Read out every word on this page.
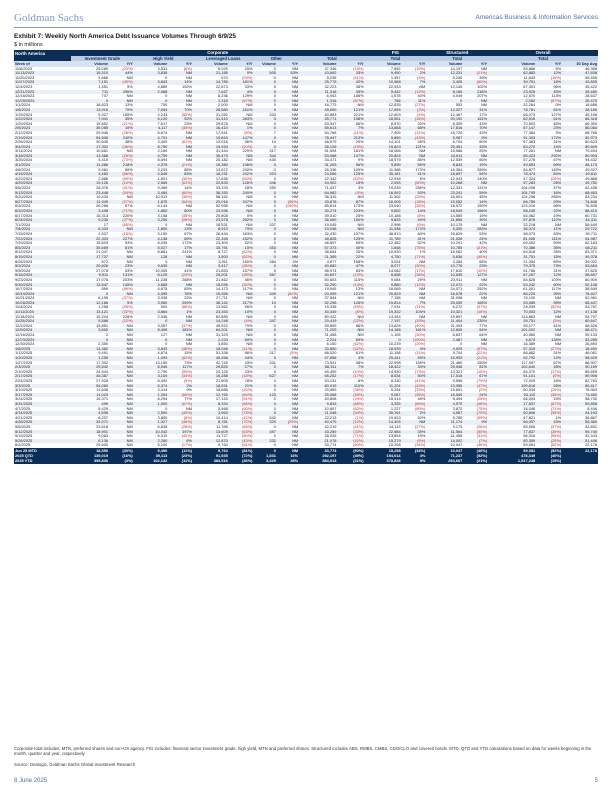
Goldman Sachs	Americas Business & Information Services
Exhibit 7: Weekly North America Debt Issuance Volumes Through 6/9/25
$ in millions
North America	Corporate										FIG		Structured		Overall		
	Investment Grade		High Yield		Leveraged Loans		Other		Total		Total		Total		Total		
Week of	Volume	Y/Y	Volume	Y/Y	Volume	Y/Y	Volume	Y/Y	Volume	Y/Y	Volume	Y/Y	Volume	Y/Y	Volume	Y/Y	30 Day Avg
11/6/2023	25,089	(23%)	3,531	(6%)	6,029	25%	0	NM	37,346	(15%)	7,892	(15%)	14,197	NM	59,866	5%	46,398
11/13/2023	19,310	44%	3,838	NM	21,185	9%	500	53%	43,692	33%	9,490	2%	12,231	(21%)	62,883	12%	47,638
11/20/2023	4,666	NM	0	NM	570	(93%)	0	NM	5,236	(41%)	1,457	(4%)	5,240	39%	11,843	(16%)	45,455
11/27/2023	7,151	(45%)	3,843	14%	14,785	181%	0	NM	25,779	42%	10,968	7%	3,405	(60%)	39,751	18%	43,835
12/4/2023	1,451	5%	4,889	152%	22,873	33%	0	NM	32,223	38%	22,933	NM	12,145	102%	67,301	96%	45,422
12/11/2023	711	296%	2,988	NM	7,647	4%	0	NM	11,318	45%	5,442	(12%)	8,165	218%	23,925	45%	35,480
12/18/2023	707	NM	0	NM	6,236	129%	0	NM	6,943	156%	1,578	40%	4,049	207%	12,570	113%	28,637
12/25/2023	0	NM	0	NM	1,316	(67%)	0	NM	1,316	(67%)	766	11%	0	NM	2,082	(57%)	26,470
1/1/2024	18,823	13%	750	NM	2,000	NM	0	NM	16,773	NM	12,835	(27%)	553	NM	32,264	0%	16,686
1/8/2024	13,916	79%	7,094	70%	28,580	161%	0	NM	49,690	121%	17,894	(2%)	12,327	31%	78,781	61%	28,189
1/15/2024	5,327	165%	4,243	(55%)	31,250	NM	333	NM	40,883	221%	12,603	(4%)	12,467	17%	66,073	127%	45,168
1/22/2024	7,941	35%	6,120	92%	31,410	283%	0	NM	45,771	198%	18,551	(34%)	20,192	151%	82,516	61%	66,318
1/29/2024	15,852	(21%)	7,617	23%	29,878	NM	0	NM	53,347	56%	8,870	20%	8,309	43%	70,503	45%	66,350
2/5/2024	35,085	19%	4,117	(35%)	16,410	1%	0	NM	55,613	7%	13,868	68%	17,816	70%	87,147	23%	66,084
2/12/2024	29,946	(28%)	6,874	NM	17,941	(8%)	7	NM	54,768	(11%)	7,909	(31%)	15,720	43%	77,384	3%	68,766
2/19/2024	54,506	240%	4,701	NM	19,843	147%	0	NM	78,447	213%	5,869	(43%)	5,987	5%	91,303	172%	82,973
2/26/2024	30,645	38%	3,409	(61%)	12,016	96%	10	NM	46,579	29%	14,101	28%	6,704	60%	67,383	31%	80,623
3/4/2024	17,302	(36%)	8,790	NM	19,934	(10%)	0	NM	38,126	(15%)	19,823	121%	25,451	33%	83,270	14%	80,609
3/11/2024	10,661	NM	2,169	NM	31,444	229%	317	NM	51,594	181%	18,066	NM	15,066	25%	77,261	NM	79,494
3/18/2024	13,368	(28%)	4,759	NM	35,479	NM	344	NM	53,988	137%	20,824	NM	10,611	NM	85,423	292%	80,905
3/25/2024	3,415	(73%)	8,494	NM	25,182	NM	430	NM	34,471	9%	18,579	85%	12,539	66%	57,278	67%	94,432
4/1/2024	11,486	218%	4,376	(21%)	19,380	136%	0	NM	31,263	96%	9,899	55%	8,843	19%	49,893	69%	48,173
4/8/2024	9,461	56%	3,203	85%	13,672	240%	0	NM	26,336	109%	11,988	173%	16,364	289%	54,877	145%	49,927
4/15/2024	3,483	(66%)	4,548	83%	18,241	242%	324	NM	24,066	125%	35,181	41%	18,697	54%	78,474	84%	49,811
4/22/2024	2,886	(59%)	1,801	(30%)	17,636	(63%)	0	NM	22,342	(52%)	12,938	6%	12,043	140%	47,324	(29%)	49,868
4/29/2024	19,126	(10%)	2,565	(61%)	22,833	126%	346	NM	44,902	15%	2,093	(50%)	10,268	NM	57,263	26%	49,752
5/6/2024	28,376	(31%)	9,489	14%	33,193	28%	350	NM	71,437	3%	19,239	256%	12,331	131%	104,006	47%	62,436
5/13/2024	23,448	(54%)	3,484	(60%)	36,330	240%	0	NM	64,962	(4%)	16,592	53%	23,241	59%	104,795	16%	68,463
5/20/2024	10,433	NM	10,913	(35%)	58,152	NM	0	NM	36,315	NM	11,502	(25%)	16,501	45%	124,258	285%	83,234
5/27/2024	11,949	(27%)	1,875	(64%)	20,016	247%	0	(96%)	33,878	87%	16,005	(18%)	15,052	14%	66,785	29%	74,846
6/3/2024	26,266	57%	6,144	NM	52,996	NM	0	(100%)	85,814	173%	23,040	(26%)	18,572	159%	123,316	68%	76,838
6/10/2024	3,498	(71%)	1,850	60%	24,936	NM	0	NM	30,274	223%	9,802	14%	18,549	156%	58,245	22%	88,410
6/17/2024	15,313	220%	3,158	(35%)	20,808	0%	0	NM	39,310	25%	10,188	(8%)	14,565	19%	64,062	19%	60,731
6/24/2024	9,235	(37%)	3,255	(26%)	23,578	252%	0	NM	36,069	150%	9,833	49%	11,896	39%	57,878	112%	44,311
7/1/2024	17	(65%)	0	NM	18,531	NM	337	NM	19,045	NM	2,998	(6%)	10,175	NM	32,218	NM	58,640
7/8/2024	6,333	NM	1,800	13%	8,913	79%	0	NM	19,046	NM	11,938	173%	5,300	283%	36,374	11%	29,722
7/15/2024	2,537	(15%)	3,150	67%	26,434	163%	0	NM	32,430	107%	48,813	84%	16,829	53%	98,073	83%	39,711
7/22/2024	22,343	227%	4,138	69%	22,348	152%	0	NM	48,828	125%	11,789	41%	21,028	24%	81,006	111%	54,987
7/29/2024	15,503	53%	8,035	172%	23,309	52%	0	NM	46,897	65%	12,482	52%	10,291	42%	69,452	59%	62,183
8/5/2024	35,669	81%	5,027	17%	15,791	15%	353	NM	57,373	40%	1,848	(75%)	10,789	(21%)	70,386	35%	68,211
8/12/2024	21,047	NM	8,881	241%	8,727	(62%)	0	NM	38,654	25%	10,930	1%	15,062	40%	64,618	25%	63,371
8/19/2024	17,737	NM	128	NM	3,500	(62%)	0	NM	21,365	22%	4,750	(71%)	5,636	(49%)	31,751	15%	49,378
8/26/2024	672	NM	0	NM	3,911	150%	384	4%	4,977	158%	3,024	NM	3,284	68%	21,394	89%	39,002
9/2/2024	29,826	23%	9,639	NM	3,417	(35%)	0	NM	40,882	47%	8,077	(30%)	10,776	23%	79,375	73%	53,664
9/9/2024	27,078	63%	10,005	41%	21,853	157%	0	NM	58,974	83%	14,082	(17%)	17,810	(10%)	91,766	31%	47,825
9/16/2024	9,911	131%	8,125	(23%)	25,201	(38%)	367	NM	40,697	(13%)	8,858	(38%)	10,635	127%	67,207	12%	58,657
9/23/2024	17,078	203%	11,238	268%	21,462	46%	0	NM	50,653	115%	9,084	29%	23,911	NM	84,628	103%	80,909
9/30/2024	13,547	145%	3,685	NM	15,095	(32%)	0	NM	32,290	(13%)	9,880	(12%)	12,072	22%	53,242	60%	52,108
10/7/2024	899	(89%)	4,875	83%	14,173	117%	0	NM	19,945	13%	16,085	NM	24,071	292%	61,001	117%	58,549
10/14/2024	0	NM	4,355	76%	15,355	NM	349	(92%)	20,059	121%	20,829	NM	16,578	22%	66,220	25%	76,407
10/21/2024	6,195	(37%)	3,938	22%	27,711	NM	0	NM	37,844	NM	7,158	NM	31,098	NM	76,100	NM	62,981
10/28/2024	12,166	5%	3,960	259%	36,142	217%	10	NM	52,298	126%	19,814	7%	25,059	165%	93,085	95%	66,447
11/4/2024	1,258	(95%)	500	(86%)	13,562	96%	0	NM	15,336	(59%)	7,031	(11%)	6,272	(57%)	28,539	(52%)	53,787
11/11/2024	13,121	(32%)	3,864	1%	23,354	10%	0	NM	40,349	(8%)	19,332	104%	10,321	(16%)	70,053	12%	47,136
11/18/2024	15,204	226%	2,336	NM	62,885	NM	0	NM	80,422	NM	14,444	NM	19,897	NM	114,863	NM	54,797
11/25/2024	5,586	(22%)	0	NM	14,248	(4%)	347	NM	20,419	(22%)	7,197	(33%)	11,404	235%	39,751	(3%)	60,647
12/2/2024	15,851	NM	3,087	(37%)	40,922	79%	0	NM	59,859	86%	13,826	(40%)	21,493	77%	95,177	41%	68,526
12/9/2024	3,600	NM	8,408	181%	64,201	NM	0	NM	71,209	NM	14,188	161%	12,605	54%	101,002	NM	68,471
12/16/2024	2	NM	127	NM	31,329	NM	0	NM	31,458	NM	1,105	(30%)	6,637	64%	40,560	NM	59,133
12/23/2024	0	NM	0	NM	2,224	69%	0	NM	2,224	69%	0	(100%)	2,487	NM	4,874	134%	53,265
12/30/2024	2,350	NM	0	NM	3,850	NM	0	NM	6,150	(62%)	10,239	(20%)	0	NM	16,389	NM	26,893
1/6/2025	13,382	NM	3,843	(46%)	18,046	(11%)	0	NM	33,850	(32%)	18,539	4%	4,925	(57%)	57,315	(27%)	16,491
1/13/2025	9,491	NM	4,874	15%	51,338	86%	317	(5%)	66,020	61%	11,158	(11%)	9,704	(22%)	86,882	31%	46,081
1/20/2025	1,255	NM	1,093	(82%)	45,268	44%	0	NM	47,656	4%	29,441	59%	15,993	(21%)	92,792	12%	58,920
1/27/2025	17,302	NM	13,155	73%	42,745	43%	331	NM	73,531	38%	22,998	159%	21,480	159%	117,997	67%	88,907
2/3/2025	29,542	NM	8,945	117%	29,825	27%	0	NM	68,311	7%	18,422	33%	25,936	51%	102,640	18%	90,159
2/10/2025	24,544	NM	2,790	(59%)	22,125	23%	0	NM	49,459	(10%)	14,930	(73%)	13,321	(15%)	84,370	(17%)	85,659
2/17/2025	45,387	NM	3,100	(34%)	16,288	(18%)	627	NM	65,252	(17%)	8,534	50%	17,515	67%	91,101	(0%)	89,906
2/24/2025	27,928	NM	8,492	(9%)	21,605	78%	0	NM	53,131	8%	8,330	(41%)	9,556	(79%)	72,929	18%	82,783
3/3/2025	54,060	NM	6,374	2%	18,531	21%	0	NM	80,019	110%	11,224	(43%)	13,355	(47%)	109,618	26%	89,417
3/10/2025	11,638	NM	3,414	9%	18,686	(40%)	0	NM	29,989	(38%)	5,254	(33%)	15,691	(2%)	50,934	(29%)	78,963
3/17/2025	11,024	NM	1,053	(66%)	12,769	(64%)	123	NM	25,068	(55%)	9,087	(55%)	16,545	24%	53,110	(38%)	73,460
3/24/2025	15,371	NM	8,294	77%	17,143	(51%)	0	NM	40,808	(24%)	15,414	45%	8,494	(25%)	66,003	15%	58,730
3/31/2025	499	NM	1,000	(67%)	8,334	(66%)	0	NM	9,833	(68%)	3,325	(66%)	4,979	(48%)	17,637	(67%)	59,858
4/7/2025	5,429	NM	0	NM	5,468	(60%)	0	NM	10,897	(62%)	1,227	(89%)	3,872	(75%)	16,046	(71%)	8,446
4/14/2025	4,596	NM	2,500	(45%)	3,963	(78%)	0	NM	11,048	(54%)	35,761	2%	4,587	(75%)	50,896	(35%)	44,193
4/21/2025	8,207	NM	3,850	(8%)	10,414	(42%)	542	NM	22,213	(1%)	19,623	52%	5,785	(59%)	47,821	1%	36,867
4/28/2025	32,071	NM	1,327	(48%)	8,761	(70%)	329	(29%)	40,479	(10%)	14,404	NM	11,174	9%	66,057	15%	56,380
5/5/2025	23,618	NM	6,835	(28%)	11,765	(65%)	0	NM	42,219	(41%)	14,113	(27%)	9,175	(26%)	65,506	(37%)	32,831
5/12/2025	18,901	NM	10,342	197%	13,609	(63%)	397	NM	43,289	(33%)	22,984	39%	11,564	(50%)	77,837	(26%)	59,740
5/19/2025	9,063	NM	6,310	(42%)	11,727	(80%)	0	NM	28,026	(71%)	13,894	19%	11,458	(31%)	56,316	(55%)	32,443
5/26/2025	6,136	NM	2,280	6%	12,870	(43%)	332	NM	21,078	(42%)	15,279	(5%)	14,002	(7%)	50,359	(25%)	51,446
6/2/2025	25,600	NM	5,100	(17%)	9,764	(81%)	0	NM	33,774	(60%)	15,258	(34%)	10,047	(46%)	59,081	(52%)	22,178
Jun 25 MTD	18,550	(30%)	5,496	(11%)	9,764	(81%)	0	NM	33,774	(60%)	15,258	(34%)	10,047	(46%)	59,081	(52%)	22,178
2025 QTD	139,019	(16%)	39,113	(23%)	91,535	(72%)	1,531	16%	292,197	(49%)	154,014	4%	71,237	(52%)	478,349	(40%)	
2025 YTD	395,836	(3%)	102,132	(11%)	383,516	(36%)	3,429	26%	884,913	(21%)	378,828	5%	253,667	(21%)	1,517,248	(15%)	
Corporate total includes: MTN, preferred shares and non-US agency. FIG includes: financial sector investment grade, high yield, MTN and preferred shares. Structured includes ABS, RMBS, CMBS, CDO/CLO and covered bonds. MTD, QTD and YTD calculations based on data for weeks beginning in the month, quarter and year, respectively.
Source: Dealogic, Goldman Sachs Global Investment Research
8 June 2025	5
